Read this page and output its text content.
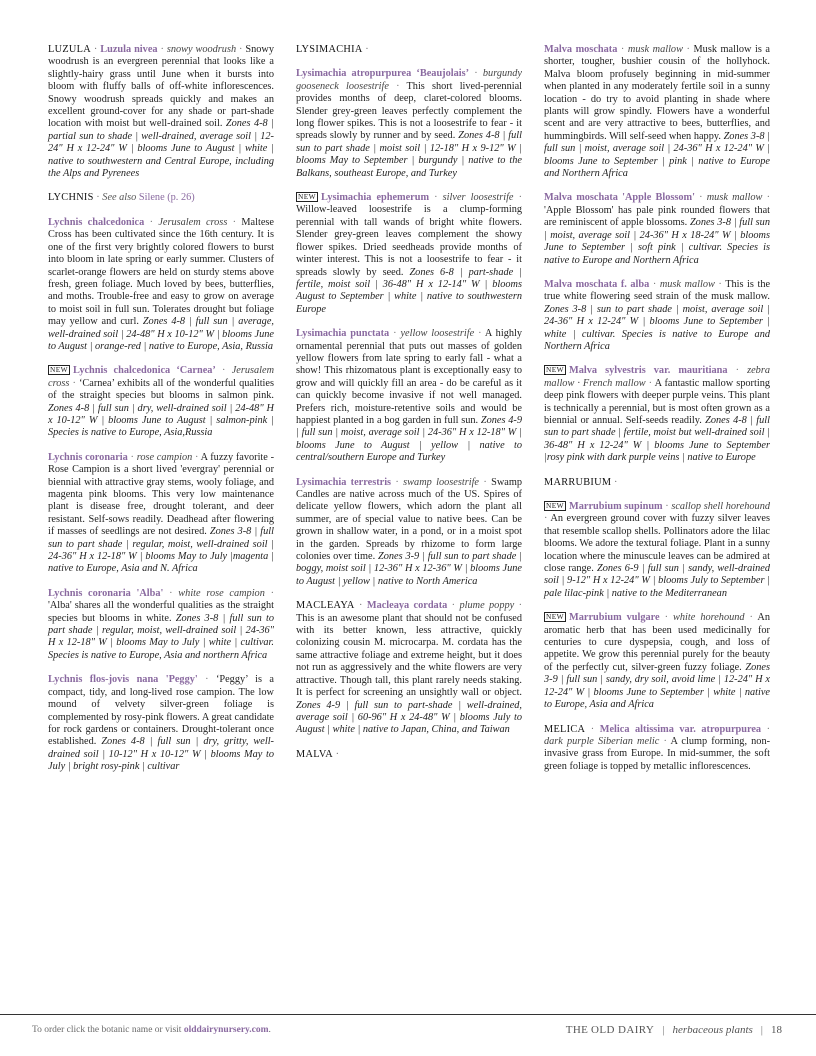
LUZULA · Luzula nivea · snowy woodrush · Snowy woodrush is an evergreen perennial that looks like a slightly-hairy grass until June when it bursts into bloom with fluffy balls of off-white inflorescences. Snowy woodrush spreads quickly and makes an excellent ground-cover for any shade or part-shade location with moist but well-drained soil. Zones 4-8 | partial sun to shade | well-drained, average soil | 12-24" H x 12-24" W | blooms June to August | white | native to southwestern and Central Europe, including the Alps and Pyrenees
LYCHNIS · See also Silene (p. 26)
Lychnis chalcedonica · Jerusalem cross · Maltese Cross has been cultivated since the 16th century. It is one of the first very brightly colored flowers to burst into bloom in late spring or early summer. Clusters of scarlet-orange flowers are held on sturdy stems above fresh, green foliage. Much loved by bees, butterflies, and moths. Trouble-free and easy to grow on average to moist soil in full sun. Tolerates drought but foliage may yellow and curl. Zones 4-8 | full sun | average, well-drained soil | 24-48" H x 10-12" W | blooms June to August | orange-red | native to Europe, Asia, Russia
NEW Lychnis chalcedonica ‘Carnea’ · Jerusalem cross · ‘Carnea’ exhibits all of the wonderful qualities of the straight species but blooms in salmon pink. Zones 4-8 | full sun | dry, well-drained soil | 24-48" H x 10-12" W | blooms June to August | salmon-pink | Species is native to Europe, Asia,Russia
Lychnis coronaria · rose campion · A fuzzy favorite - Rose Campion is a short lived 'evergray' perennial or biennial with attractive gray stems, wooly foliage, and magenta pink blooms. This very low maintenance plant is disease free, drought tolerant, and deer resistant. Self-sows readily. Deadhead after flowering if masses of seedlings are not desired. Zones 3-8 | full sun to part shade | regular, moist, well-drained soil | 24-36" H x 12-18" W | blooms May to July |magenta | native to Europe, Asia and N. Africa
Lychnis coronaria 'Alba' · white rose campion · 'Alba' shares all the wonderful qualities as the straight species but blooms in white. Zones 3-8 | full sun to part shade | regular, moist, well-drained soil | 24-36" H x 12-18" W | blooms May to July | white | cultivar. Species is native to Europe, Asia and northern Africa
Lychnis flos-jovis nana 'Peggy' · ‘Peggy’ is a compact, tidy, and long-lived rose campion. The low mound of velvety silver-green foliage is complemented by rosy-pink flowers. A great candidate for rock gardens or containers. Drought-tolerant once established. Zones 4-8 | full sun | dry, gritty, well-drained soil | 10-12" H x 10-12" W | blooms May to July | bright rosy-pink | cultivar
LYSIMACHIA ·
Lysimachia atropurpurea ‘Beaujolais’ · burgundy gooseneck loosestrife · This short lived-perennial provides months of deep, claret-colored blooms. Slender grey-green leaves perfectly complement the long flower spikes. This is not a loosestrife to fear - it spreads slowly by runner and by seed. Zones 4-8 | full sun to part shade | moist soil | 12-18" H x 9-12" W | blooms May to September | burgundy | native to the Balkans, southeast Europe, and Turkey
NEW Lysimachia ephemerum · silver loosestrife · Willow-leaved loosestrife is a clump-forming perennial with tall wands of bright white flowers. Slender grey-green leaves complement the showy flower spikes. Dried seedheads provide months of winter interest. This is not a loosestrife to fear - it spreads slowly by seed. Zones 6-8 | part-shade | fertile, moist soil | 36-48" H x 12-14" W | blooms August to September | white | native to southwestern Europe
Lysimachia punctata · yellow loosestrife · A highly ornamental perennial that puts out masses of golden yellow flowers from late spring to early fall - what a show! This rhizomatous plant is exceptionally easy to grow and will quickly fill an area - do be careful as it can quickly become invasive if not well managed. Prefers rich, moisture-retentive soils and would be happiest planted in a bog garden in full sun. Zones 4-9 | full sun | moist, average soil | 24-36" H x 12-18" W | blooms June to August | yellow | native to central/southern Europe and Turkey
Lysimachia terrestris · swamp loosestrife · Swamp Candles are native across much of the US. Spires of delicate yellow flowers, which adorn the plant all summer, are of special value to native bees. Can be grown in shallow water, in a pond, or in a moist spot in the garden. Spreads by rhizome to form large colonies over time. Zones 3-9 | full sun to part shade | boggy, moist soil | 12-36" H x 12-36" W | blooms June to August | yellow | native to North America
MACLEAYA · Macleaya cordata · plume poppy · This is an awesome plant that should not be confused with its better known, less attractive, quickly colonizing cousin M. microcarpa. M. cordata has the same attractive foliage and extreme height, but it does not run as aggressively and the white flowers are very attractive. Though tall, this plant rarely needs staking. It is perfect for screening an unsightly wall or object. Zones 4-9 | full sun to part-shade | well-drained, average soil | 60-96" H x 24-48" W | blooms July to August | white | native to Japan, China, and Taiwan
MALVA ·
Malva moschata · musk mallow · Musk mallow is a shorter, tougher, bushier cousin of the hollyhock. Malva bloom profusely beginning in mid-summer when planted in any moderately fertile soil in a sunny location - do try to avoid planting in shade where plants will grow spindly. Flowers have a wonderful scent and are very attractive to bees, butterflies, and hummingbirds. Will self-seed when happy. Zones 3-8 | full sun | moist, average soil | 24-36" H x 12-24" W | blooms June to September | pink | native to Europe and Northern Africa
Malva moschata 'Apple Blossom' · musk mallow · 'Apple Blossom' has pale pink rounded flowers that are reminiscent of apple blossoms. Zones 3-8 | full sun | moist, average soil | 24-36" H x 18-24" W | blooms June to September | soft pink | cultivar. Species is native to Europe and Northern Africa
Malva moschata f. alba · musk mallow · This is the true white flowering seed strain of the musk mallow. Zones 3-8 | sun to part shade | moist, average soil | 24-36" H x 12-24" W | blooms June to September | white | cultivar. Species is native to Europe and Northern Africa
NEW Malva sylvestris var. mauritiana · zebra mallow · French mallow · A fantastic mallow sporting deep pink flowers with deeper purple veins. This plant is technically a perennial, but is most often grown as a biennial or annual. Self-seeds readily. Zones 4-8 | full sun to part shade | fertile, moist but well-drained soil | 36-48" H x 12-24" W | blooms June to September |rosy pink with dark purple veins | native to Europe
MARRUBIUM ·
NEW Marrubium supinum · scallop shell horehound · An evergreen ground cover with fuzzy silver leaves that resemble scallop shells. Pollinators adore the lilac blooms. We adore the textural foliage. Plant in a sunny location where the minuscule leaves can be admired at close range. Zones 6-9 | full sun | sandy, well-drained soil | 9-12" H x 12-24" W | blooms July to September | pale lilac-pink | native to the Mediterranean
NEW Marrubium vulgare · white horehound · An aromatic herb that has been used medicinally for centuries to cure dyspepsia, cough, and loss of appetite. We grow this perennial purely for the beauty of the perfectly cut, silver-green fuzzy foliage. Zones 3-9 | full sun | sandy, dry soil, avoid lime | 12-24" H x 12-24" W | blooms June to September | white | native to Europe, Asia and Africa
MELICA · Melica altissima var. atropurpurea · dark purple Siberian melic · A clump forming, non-invasive grass from Europe. In mid-summer, the soft green foliage is topped by metallic inflorescences.
To order click the botanic name or visit olddairynursery.com.	THE OLD DAIRY | herbaceous plants | 18
